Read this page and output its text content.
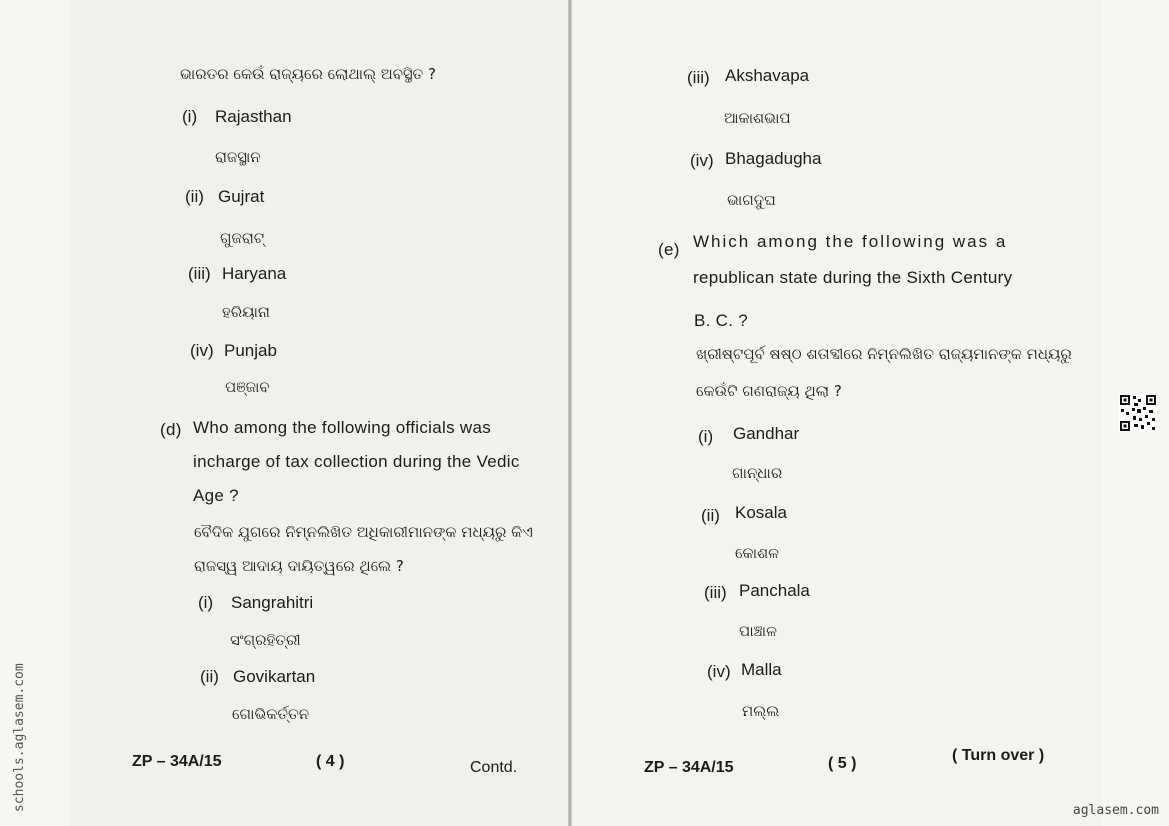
ଭାରତର କେଉଁ ରାଜ୍ୟରେ ଲୋଥାଲ୍ ଅବସ୍ଥିତ ?
(i) Rajasthan
ରାଜସ୍ଥାନ
(ii) Gujrat
ଗୁଜରାଟ୍
(iii) Haryana
ହରିୟାନା
(iv) Punjab
ପଞ୍ଜାବ
(d) Who among the following officials was
incharge of tax collection during the Vedic
Age ?
ବୈଦିକ ଯୁଗରେ ନିମ୍ନଲିଖିତ ଅଧିକାରୀମାନଙ୍କ ମଧ୍ୟରୁ କିଏ
ରାଜସ୍ୱ ଆଦାୟ ଦାୟିତ୍ୱରେ ଥିଲେ ?
(i) Sangrahitri
ସଂଗ୍ରହିତ୍ରୀ
(ii) Govikartan
ଗୋଭିକର୍ତ୍ତନ
ZP – 34A/15	( 4 )	Contd.
(iii) Akshavapa
ଆକାଶଭାପ
(iv) Bhagadugha
ଭାଗଦୁଘ
(e) Which among the following was a
republican state during the Sixth Century
B. C. ?
ଖ୍ରୀଷ୍ଟପୂର୍ବ ଷଷ୍ଠ ଶତାବ୍ଦୀରେ ନିମ୍ନଲିଖିତ ରାଜ୍ୟମାନଙ୍କ ମଧ୍ୟରୁ
କେଉଁଟି ଗଣରାଜ୍ୟ ଥିଲା ?
(i) Gandhar
ଗାନ୍ଧାର
(ii) Kosala
କୋଶଳ
(iii) Panchala
ପାଞ୍ଚାଳ
(iv) Malla
ମଲ୍ଲ
ZP – 34A/15	( 5 )	( Turn over )
schools.aglasem.com	aglasem.com
